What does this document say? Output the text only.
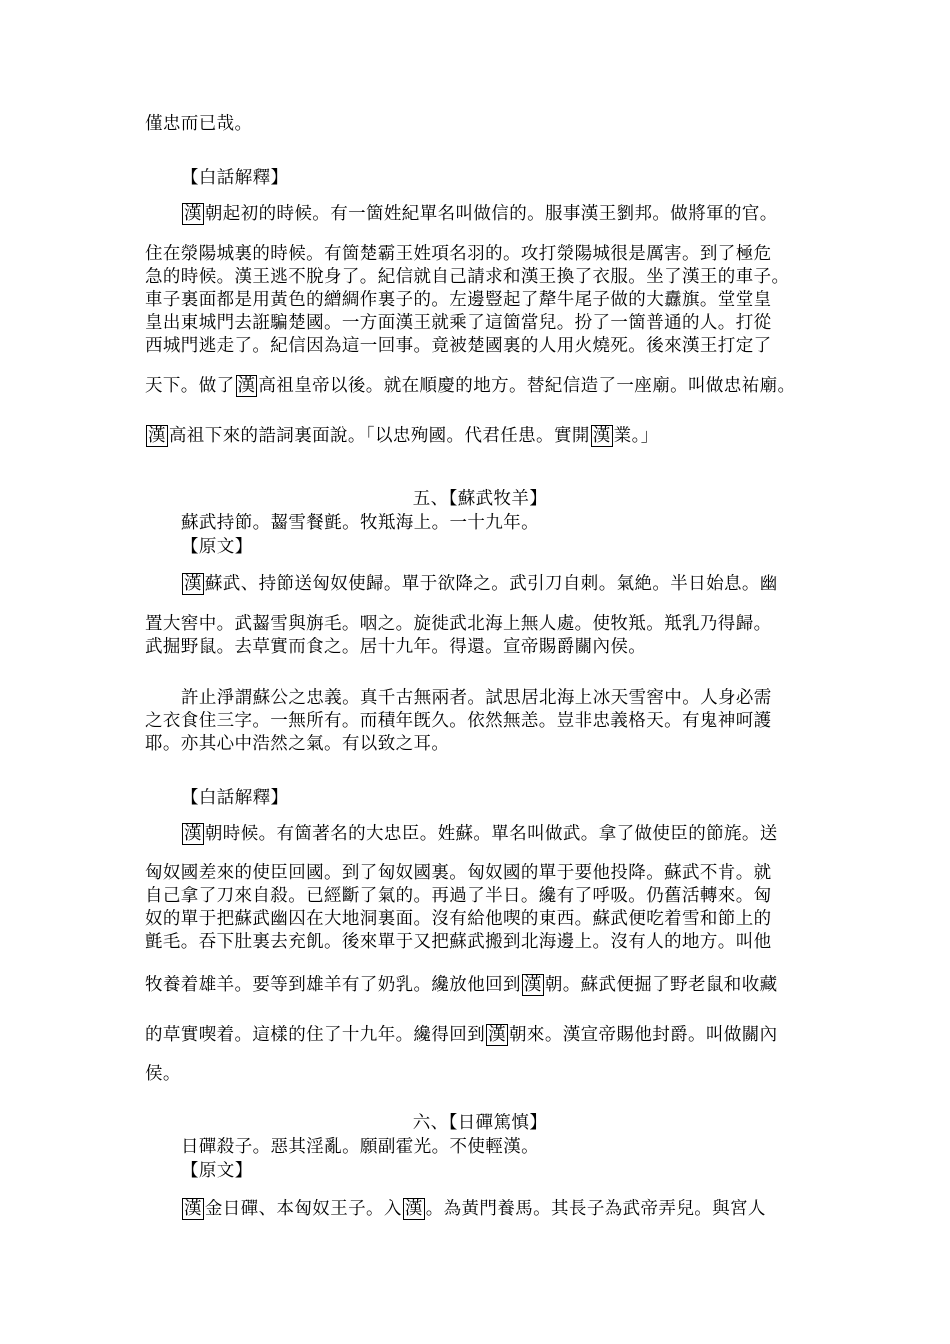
僅忠而已哉。
【白話解釋】
漢 朝起初的時候。有一箇姓紀單名叫做信的。服事漢王劉邦。做將軍的官。
住在滎陽城裏的時候。有箇楚霸王姓項名羽的。攻打滎陽城很是厲害。到了極危
急的時候。漢王逃不脫身了。紀信就自己請求和漢王換了衣服。坐了漢王的車子。
車子裏面都是用黃色的繒綢作裏子的。左邊豎起了犛牛尾子做的大纛旗。堂堂皇
皇出東城門去誑騙楚國。一方面漢王就乘了這箇當兒。扮了一箇普通的人。打從
西城門逃走了。紀信因為這一回事。竟被楚國裏的人用火燒死。後來漢王打定了
天下。做了 漢 高祖皇帝以後。就在順慶的地方。替紀信造了一座廟。叫做忠祐廟。
漢 高祖下來的誥詞裏面說。「以忠殉國。代君任患。實開 漢 業。」
五、【蘇武牧羊】
蘇武持節。齧雪餐氈。牧羝海上。一十九年。
【原文】
漢 蘇武、持節送匈奴使歸。單于欲降之。武引刀自刺。氣絶。半日始息。幽
置大窖中。武齧雪與旃毛。咽之。旋徙武北海上無人處。使牧羝。羝乳乃得歸。
武掘野鼠。去草實而食之。居十九年。得還。宣帝賜爵關內侯。
許止淨謂蘇公之忠義。真千古無兩者。試思居北海上冰天雪窖中。人身必需
之衣食住三字。一無所有。而積年旣久。依然無恙。豈非忠義格天。有鬼神呵護
耶。亦其心中浩然之氣。有以致之耳。
【白話解釋】
漢 朝時候。有箇著名的大忠臣。姓蘇。單名叫做武。拿了做使臣的節旄。送
匈奴國差來的使臣回國。到了匈奴國裏。匈奴國的單于要他投降。蘇武不肯。就
自己拿了刀來自殺。已經斷了氣的。再過了半日。纔有了呼吸。仍舊活轉來。匈
奴的單于把蘇武幽囚在大地洞裏面。沒有給他喫的東西。蘇武便吃着雪和節上的
氈毛。吞下肚裏去充飢。後來單于又把蘇武搬到北海邊上。沒有人的地方。叫他
牧養着雄羊。要等到雄羊有了奶乳。纔放他回到 漢 朝。蘇武便掘了野老鼠和收藏
的草實喫着。這樣的住了十九年。纔得回到 漢 朝來。漢宣帝賜他封爵。叫做關內
侯。
六、【日磾篤慎】
日磾殺子。惡其淫亂。願副霍光。不使輕漢。
【原文】
漢 金日磾、本匈奴王子。入 漢 。為黃門養馬。其長子為武帝弄兒。與宮人
